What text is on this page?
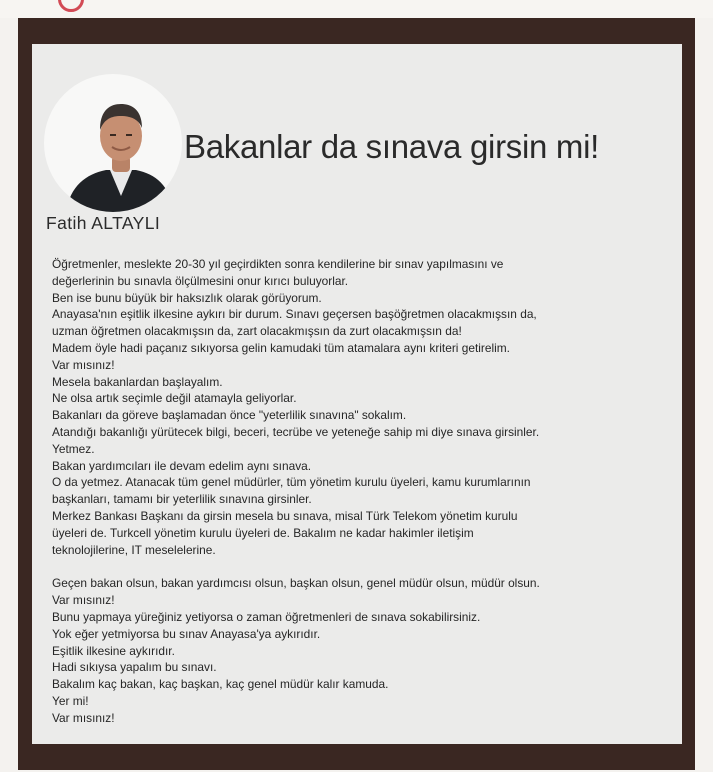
Bakanlar da sınava girsin mi!
Fatih ALTAYLI
Öğretmenler, meslekte 20-30 yıl geçirdikten sonra kendilerine bir sınav yapılmasını ve
değerlerinin bu sınavla ölçülmesini onur kırıcı buluyorlar.
Ben ise bunu büyük bir haksızlık olarak görüyorum.
Anayasa'nın eşitlik ilkesine aykırı bir durum. Sınavı geçersen başöğretmen olacakmışsın da,
uzman öğretmen olacakmışsın da, zart olacakmışsın da zurt olacakmışsın da!
Madem öyle hadi paçanız sıkıyorsa gelin kamudaki tüm atamalara aynı kriteri getirelim.
Var mısınız!
Mesela bakanlardan başlayalım.
Ne olsa artık seçimle değil atamayla geliyorlar.
Bakanları da göreve başlamadan önce "yeterlilik sınavına" sokalım.
Atandığı bakanlığı yürütecek bilgi, beceri, tecrübe ve yeteneğe sahip mi diye sınava girsinler.
Yetmez.
Bakan yardımcıları ile devam edelim aynı sınava.
O da yetmez. Atanacak tüm genel müdürler, tüm yönetim kurulu üyeleri, kamu kurumlarının
başkanları, tamamı bir yeterlilik sınavına girsinler.
Merkez Bankası Başkanı da girsin mesela bu sınava, misal Türk Telekom yönetim kurulu
üyeleri de. Turkcell yönetim kurulu üyeleri de. Bakalım ne kadar hakimler iletişim
teknolojilerine, IT meselelerine.
Geçen bakan olsun, bakan yardımcısı olsun, başkan olsun, genel müdür olsun, müdür olsun.
Var mısınız!
Bunu yapmaya yüreğiniz yetiyorsa o zaman öğretmenleri de sınava sokabilirsiniz.
Yok eğer yetmiyorsa bu sınav Anayasa'ya aykırıdır.
Eşitlik ilkesine aykırıdır.
Hadi sıkıysa yapalım bu sınavı.
Bakalım kaç bakan, kaç başkan, kaç genel müdür kalır kamuda.
Yer mi!
Var mısınız!
